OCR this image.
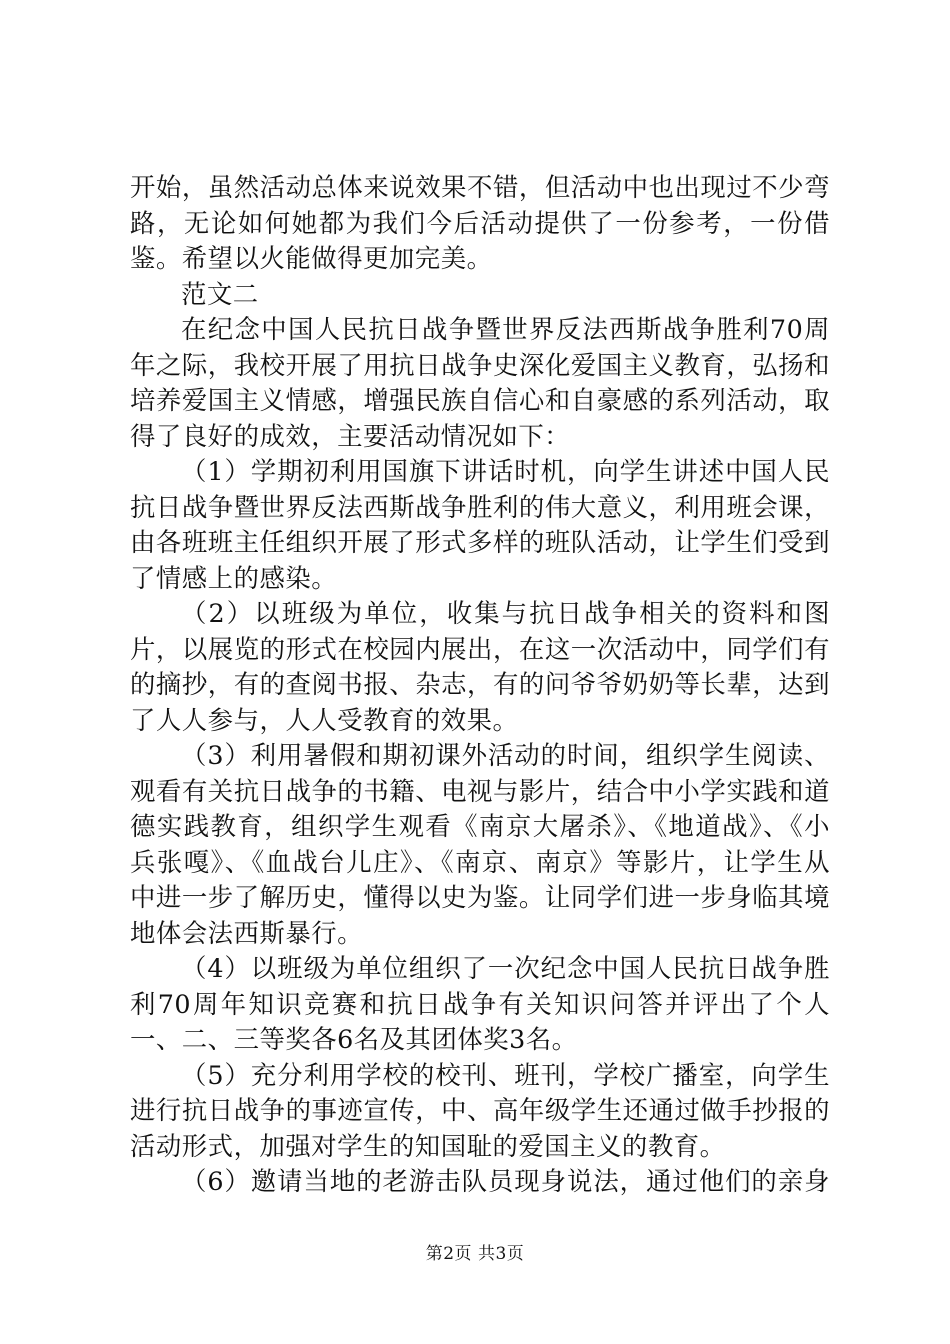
开始，虽然活动总体来说效果不错，但活动中也出现过不少弯路，无论如何她都为我们今后活动提供了一份参考，一份借鉴。希望以火能做得更加完美。

范文二

在纪念中国人民抗日战争暨世界反法西斯战争胜利70周年之际，我校开展了用抗日战争史深化爱国主义教育，弘扬和培养爱国主义情感，增强民族自信心和自豪感的系列活动，取得了良好的成效，主要活动情况如下：

（1）学期初利用国旗下讲话时机，向学生讲述中国人民抗日战争暨世界反法西斯战争胜利的伟大意义，利用班会课，由各班班主任组织开展了形式多样的班队活动，让学生们受到了情感上的感染。

（2）以班级为单位，收集与抗日战争相关的资料和图片，以展览的形式在校园内展出，在这一次活动中，同学们有的摘抄，有的查阅书报、杂志，有的问爷爷奶奶等长辈，达到了人人参与，人人受教育的效果。

（3）利用暑假和期初课外活动的时间，组织学生阅读、观看有关抗日战争的书籍、电视与影片，结合中小学实践和道德实践教育，组织学生观看《南京大屠杀》、《地道战》、《小兵张嘎》、《血战台儿庄》、《南京、南京》等影片，让学生从中进一步了解历史，懂得以史为鉴。让同学们进一步身临其境地体会法西斯暴行。

（4）以班级为单位组织了一次纪念中国人民抗日战争胜利70周年知识竞赛和抗日战争有关知识问答并评出了个人一、二、三等奖各6名及其团体奖3名。

（5）充分利用学校的校刊、班刊，学校广播室，向学生进行抗日战争的事迹宣传，中、高年级学生还通过做手抄报的活动形式，加强对学生的知国耻的爱国主义的教育。

（6）邀请当地的老游击队员现身说法，通过他们的亲身

第2页 共3页
